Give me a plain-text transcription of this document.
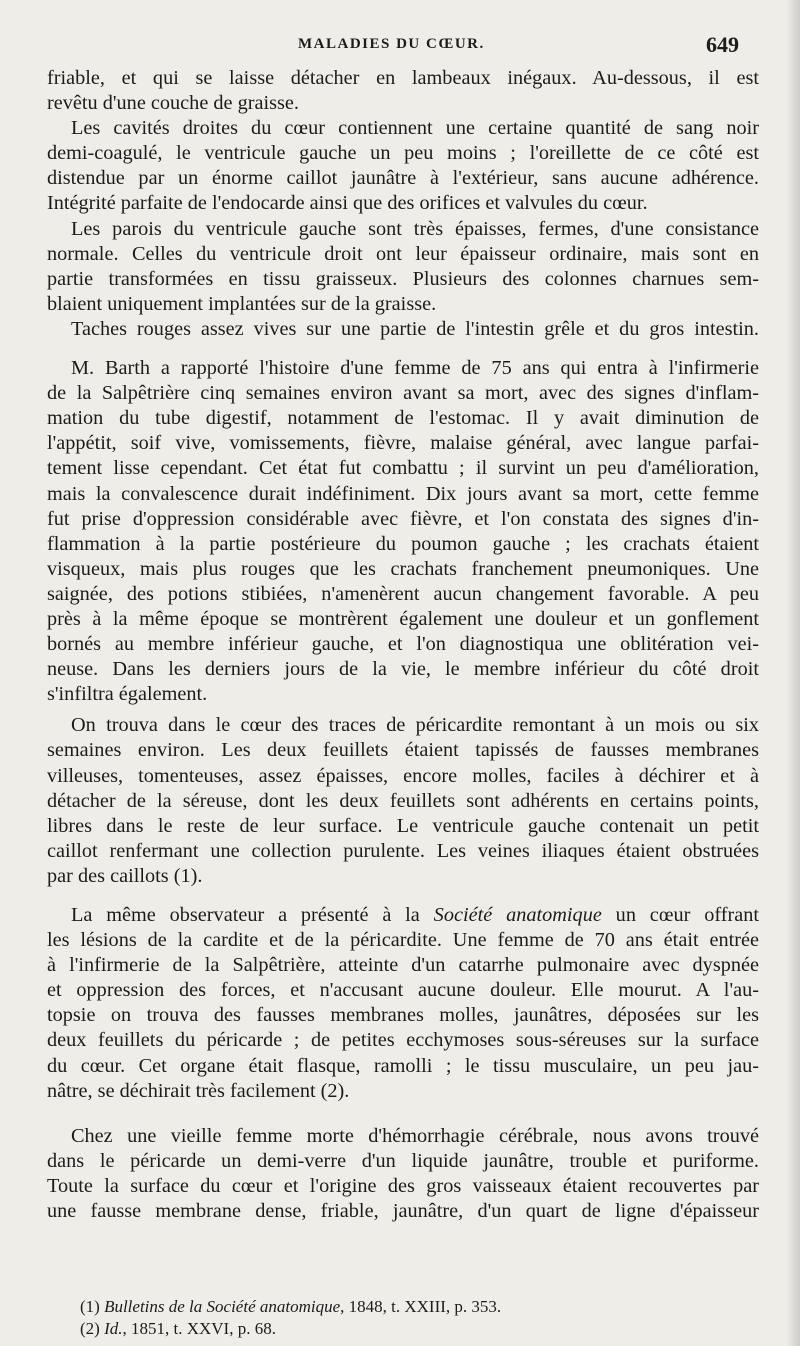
MALADIES DU CŒUR.	649
friable, et qui se laisse détacher en lambeaux inégaux. Au-dessous, il est
revêtu d'une couche de graisse.
Les cavités droites du cœur contiennent une certaine quantité de sang noir
demi-coagulé, le ventricule gauche un peu moins ; l'oreillette de ce côté est
distendue par un énorme caillot jaunâtre à l'extérieur, sans aucune adhérence.
Intégrité parfaite de l'endocarde ainsi que des orifices et valvules du cœur.
Les parois du ventricule gauche sont très épaisses, fermes, d'une consistance
normale. Celles du ventricule droit ont leur épaisseur ordinaire, mais sont en
partie transformées en tissu graisseux. Plusieurs des colonnes charnues sem-
blaient uniquement implantées sur de la graisse.
Taches rouges assez vives sur une partie de l'intestin grêle et du gros intestin.
M. Barth a rapporté l'histoire d'une femme de 75 ans qui entra à l'infirmerie
de la Salpêtrière cinq semaines environ avant sa mort, avec des signes d'inflam-
mation du tube digestif, notamment de l'estomac. Il y avait diminution de
l'appétit, soif vive, vomissements, fièvre, malaise général, avec langue parfai-
tement lisse cependant. Cet état fut combattu ; il survint un peu d'amélioration,
mais la convalescence durait indéfiniment. Dix jours avant sa mort, cette femme
fut prise d'oppression considérable avec fièvre, et l'on constata des signes d'in-
flammation à la partie postérieure du poumon gauche ; les crachats étaient
visqueux, mais plus rouges que les crachats franchement pneumoniques. Une
saignée, des potions stibiées, n'amenèrent aucun changement favorable. A peu
près à la même époque se montrèrent également une douleur et un gonflement
bornés au membre inférieur gauche, et l'on diagnostiqua une oblitération vei-
neuse. Dans les derniers jours de la vie, le membre inférieur du côté droit
s'infiltra également.
On trouva dans le cœur des traces de péricardite remontant à un mois ou six
semaines environ. Les deux feuillets étaient tapissés de fausses membranes
villeuses, tomenteuses, assez épaisses, encore molles, faciles à déchirer et à
détacher de la séreuse, dont les deux feuillets sont adhérents en certains points,
libres dans le reste de leur surface. Le ventricule gauche contenait un petit
caillot renfermant une collection purulente. Les veines iliaques étaient obstruées
par des caillots (1).
La même observateur a présenté à la Société anatomique un cœur offrant
les lésions de la cardite et de la péricardite. Une femme de 70 ans était entrée
à l'infirmerie de la Salpêtrière, atteinte d'un catarrhe pulmonaire avec dyspnée
et oppression des forces, et n'accusant aucune douleur. Elle mourut. A l'au-
topsie on trouva des fausses membranes molles, jaunâtres, déposées sur les
deux feuillets du péricarde ; de petites ecchymoses sous-séreuses sur la surface
du cœur. Cet organe était flasque, ramolli ; le tissu musculaire, un peu jau-
nâtre, se déchirait très facilement (2).
Chez une vieille femme morte d'hémorrhagie cérébrale, nous avons trouvé
dans le péricarde un demi-verre d'un liquide jaunâtre, trouble et puriforme.
Toute la surface du cœur et l'origine des gros vaisseaux étaient recouvertes par
une fausse membrane dense, friable, jaunâtre, d'un quart de ligne d'épaisseur
(1) Bulletins de la Société anatomique, 1848, t. XXIII, p. 353.
(2) Id., 1851, t. XXVI, p. 68.
